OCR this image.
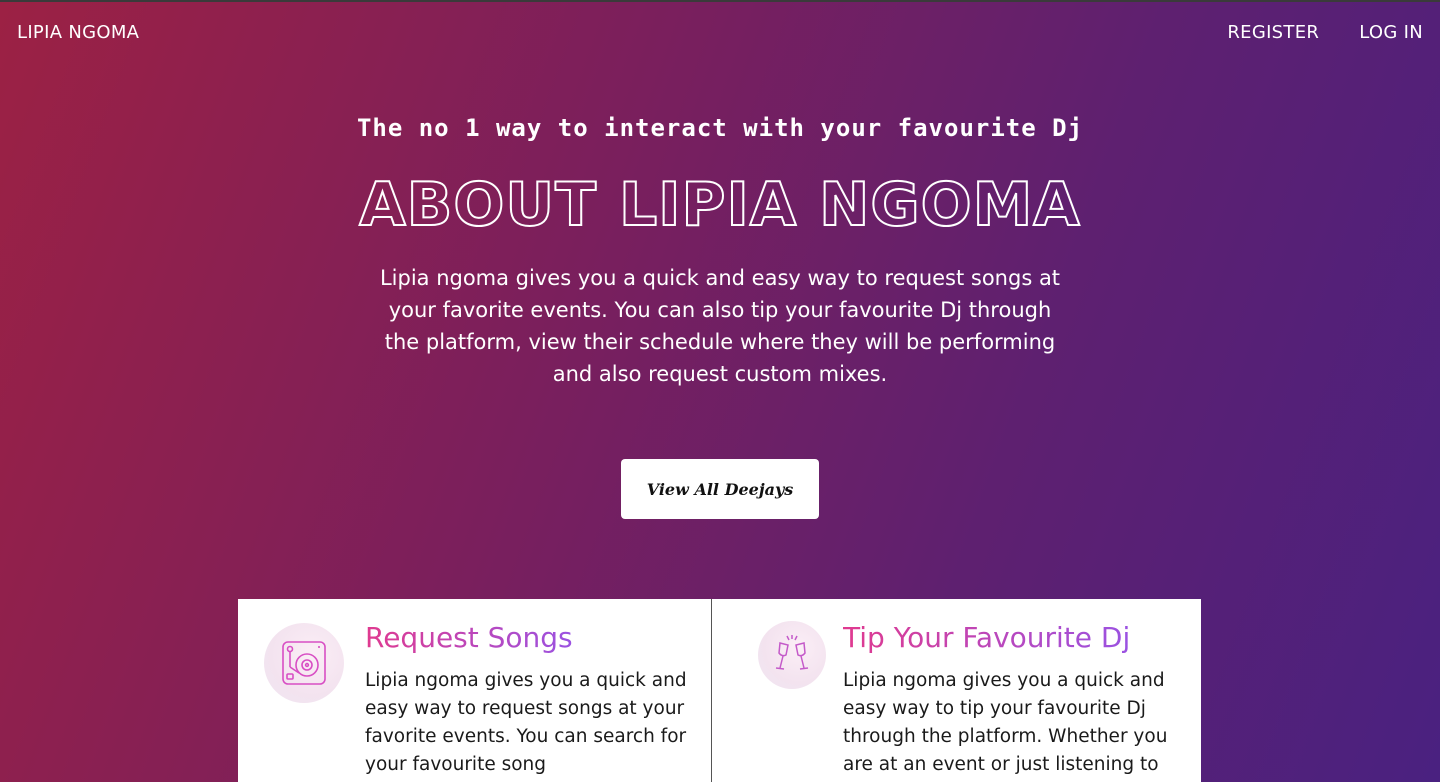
LIPIA NGOMA	REGISTER LOG IN
The no 1 way to interact with your favourite Dj
ABOUT LIPIA NGOMA

Lipia ngoma gives you a quick and easy way to request songs at your favorite events. You can also tip your favourite Dj through the platform, view their schedule where they will be performing and also request custom mixes.

View All Deejays
Request Songs
Lipia ngoma gives you a quick and easy way to request songs at your favorite events. You can search for your favourite song
Tip Your Favourite Dj
Lipia ngoma gives you a quick and easy way to tip your favourite Dj through the platform. Whether you are at an event or just listening to
